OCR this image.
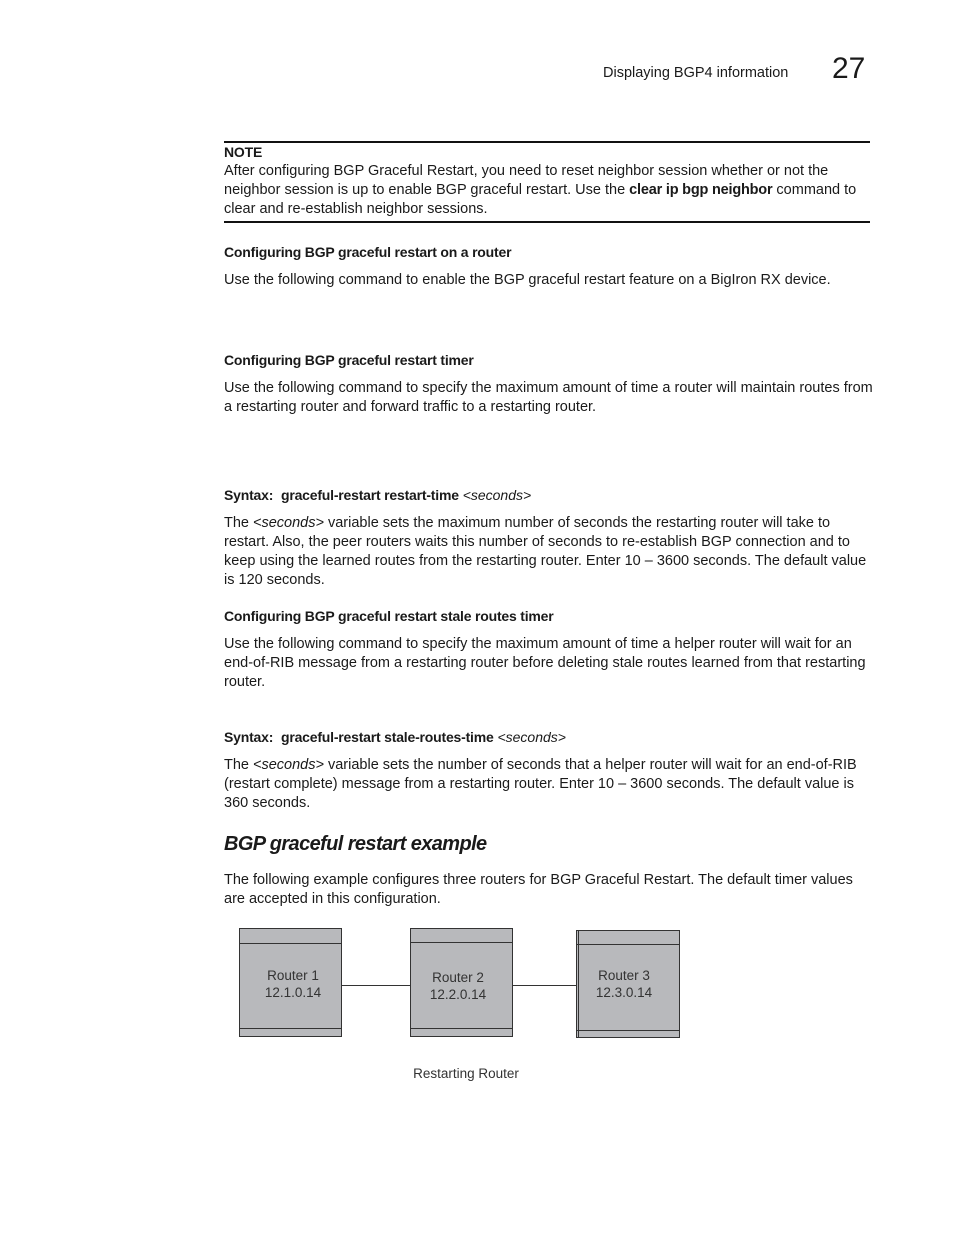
Displaying BGP4 information 27
NOTE
After configuring BGP Graceful Restart, you need to reset neighbor session whether or not the neighbor session is up to enable BGP graceful restart. Use the clear ip bgp neighbor command to clear and re-establish neighbor sessions.
Configuring BGP graceful restart on a router
Use the following command to enable the BGP graceful restart feature on a BigIron RX device.
Configuring BGP graceful restart timer
Use the following command to specify the maximum amount of time a router will maintain routes from a restarting router and forward traffic to a restarting router.
Syntax: graceful-restart restart-time <seconds>
The <seconds> variable sets the maximum number of seconds the restarting router will take to restart. Also, the peer routers waits this number of seconds to re-establish BGP connection and to keep using the learned routes from the restarting router. Enter 10 – 3600 seconds. The default value is 120 seconds.
Configuring BGP graceful restart stale routes timer
Use the following command to specify the maximum amount of time a helper router will wait for an end-of-RIB message from a restarting router before deleting stale routes learned from that restarting router.
Syntax: graceful-restart stale-routes-time <seconds>
The <seconds> variable sets the number of seconds that a helper router will wait for an end-of-RIB (restart complete) message from a restarting router. Enter 10 – 3600 seconds. The default value is 360 seconds.
BGP graceful restart example
The following example configures three routers for BGP Graceful Restart. The default timer values are accepted in this configuration.
Router 1
12.1.0.14
Router 2
12.2.0.14
Router 3
12.3.0.14
Restarting Router
